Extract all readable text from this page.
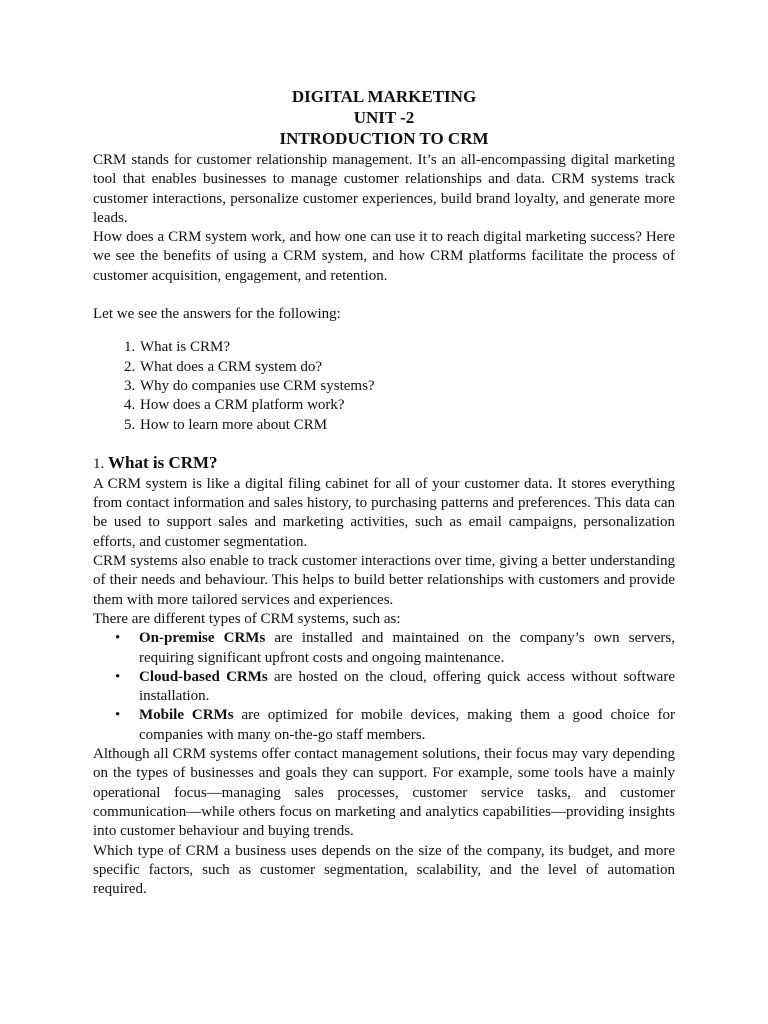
DIGITAL MARKETING
UNIT -2
INTRODUCTION TO CRM

CRM stands for customer relationship management. It’s an all-encompassing digital marketing tool that enables businesses to manage customer relationships and data. CRM systems track customer interactions, personalize customer experiences, build brand loyalty, and generate more leads.

How does a CRM system work, and how one can use it to reach digital marketing success? Here we see the benefits of using a CRM system, and how CRM platforms facilitate the process of customer acquisition, engagement, and retention.

Let we see the answers for the following:

1. What is CRM?
2. What does a CRM system do?
3. Why do companies use CRM systems?
4. How does a CRM platform work?
5. How to learn more about CRM
1. What is CRM?

A CRM system is like a digital filing cabinet for all of your customer data. It stores everything from contact information and sales history, to purchasing patterns and preferences. This data can be used to support sales and marketing activities, such as email campaigns, personalization efforts, and customer segmentation.

CRM systems also enable to track customer interactions over time, giving a better understanding of their needs and behaviour. This helps to build better relationships with customers and provide them with more tailored services and experiences.

There are different types of CRM systems, such as:

• On-premise CRMs are installed and maintained on the company’s own servers, requiring significant upfront costs and ongoing maintenance.
• Cloud-based CRMs are hosted on the cloud, offering quick access without software installation.
• Mobile CRMs are optimized for mobile devices, making them a good choice for companies with many on-the-go staff members.

Although all CRM systems offer contact management solutions, their focus may vary depending on the types of businesses and goals they can support. For example, some tools have a mainly operational focus—managing sales processes, customer service tasks, and customer communication—while others focus on marketing and analytics capabilities—providing insights into customer behaviour and buying trends.

Which type of CRM a business uses depends on the size of the company, its budget, and more specific factors, such as customer segmentation, scalability, and the level of automation required.
